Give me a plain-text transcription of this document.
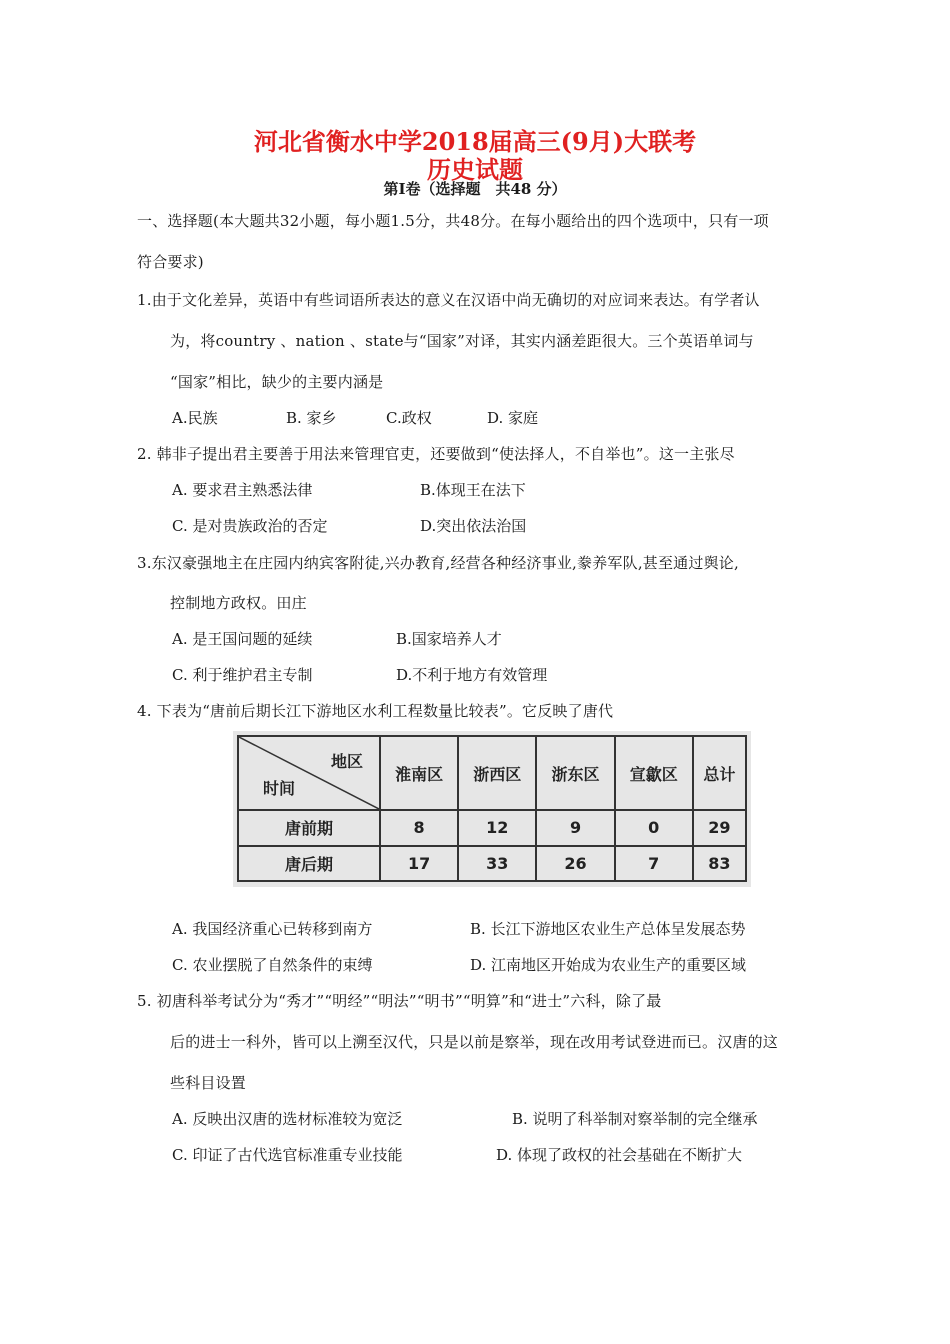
河北省衡水中学2018届高三(9月)大联考
历史试题
第Ⅰ卷（选择题　共48 分）
一、选择题(本大题共32小题，每小题1.5分，共48分。在每小题给出的四个选项中，只有一项
符合要求)
1.由于文化差异，英语中有些词语所表达的意义在汉语中尚无确切的对应词来表达。有学者认
为，将country 、nation 、state与“国家”对译，其实内涵差距很大。三个英语单词与
“国家”相比，缺少的主要内涵是
A.民族	B. 家乡	C.政权	D. 家庭
2. 韩非子提出君主要善于用法来管理官吏，还要做到“使法择人，不自举也”。这一主张尽
A. 要求君主熟悉法律	B.体现王在法下
C. 是对贵族政治的否定	D.突出依法治国
3.东汉豪强地主在庄园内纳宾客附徒,兴办教育,经营各种经济事业,豢养军队,甚至通过舆论,
控制地方政权。田庄
A. 是王国问题的延续	B.国家培养人才
C. 利于维护君主专制	D.不利于地方有效管理
4. 下表为“唐前后期长江下游地区水利工程数量比较表”。它反映了唐代
地区
时间	淮南区	浙西区	浙东区	宣歙区	总计
唐前期	8	12	9	0	29
唐后期	17	33	26	7	83
A. 我国经济重心已转移到南方	B. 长江下游地区农业生产总体呈发展态势
C. 农业摆脱了自然条件的束缚	D. 江南地区开始成为农业生产的重要区域
5. 初唐科举考试分为“秀才”“明经”“明法”“明书”“明算”和“进士”六科，除了最
后的进士一科外，皆可以上溯至汉代，只是以前是察举，现在改用考试登进而已。汉唐的这
些科目设置
A. 反映出汉唐的选材标准较为宽泛	B. 说明了科举制对察举制的完全继承
C. 印证了古代选官标准重专业技能	D. 体现了政权的社会基础在不断扩大
